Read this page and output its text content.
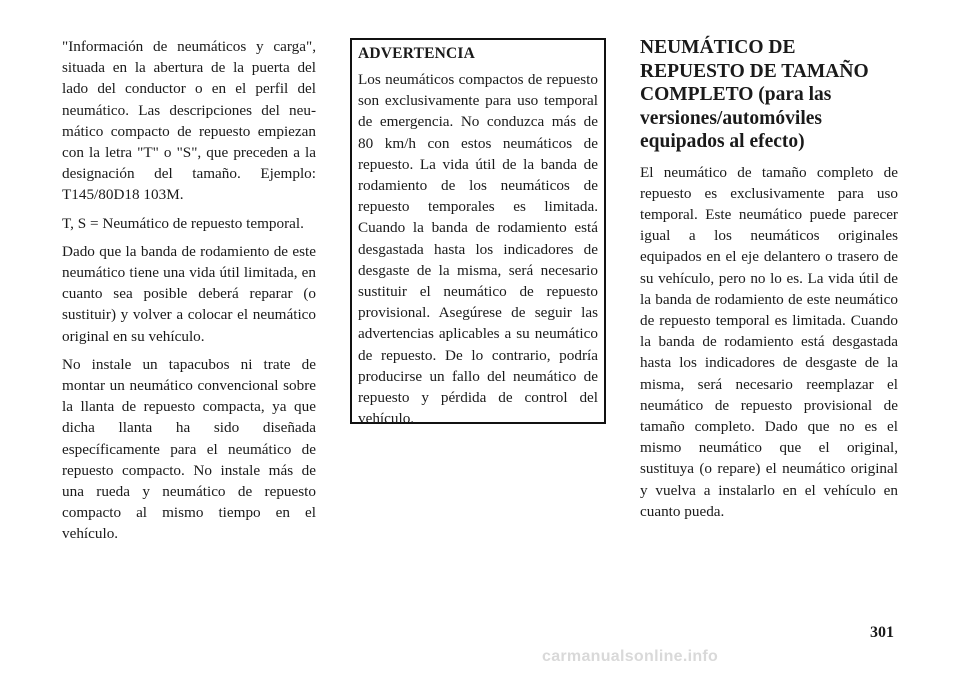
"Información de neumáticos y carga", situada en la abertura de la puerta del lado del conductor o en el perfil del neumático. Las descripciones del neumático compacto de repuesto empiezan con la letra "T" o "S", que preceden a la designación del tamaño. Ejemplo: T145/80D18 103M.

T, S = Neumático de repuesto temporal.

Dado que la banda de rodamiento de este neumático tiene una vida útil limitada, en cuanto sea posible deberá reparar (o sustituir) y volver a colocar el neumático original en su vehículo.

No instale un tapacubos ni trate de montar un neumático convencional sobre la llanta de repuesto compacta, ya que dicha llanta ha sido diseñada específicamente para el neumático de repuesto compacto. No instale más de una rueda y neumático de repuesto compacto al mismo tiempo en el vehículo.

ADVERTENCIA

Los neumáticos compactos de repuesto son exclusivamente para uso temporal de emergencia. No conduzca más de 80 km/h con estos neumáticos de repuesto. La vida útil de la banda de rodamiento de los neumáticos de repuesto temporales es limitada. Cuando la banda de rodamiento está desgastada hasta los indicadores de desgaste de la misma, será necesario sustituir el neumático de repuesto provisional. Asegúrese de seguir las advertencias aplicables a su neumático de repuesto. De lo contrario, podría producirse un fallo del neumático de repuesto y pérdida de control del vehículo.

NEUMÁTICO DE REPUESTO DE TAMAÑO COMPLETO (para las versiones/automóviles equipados al efecto)

El neumático de tamaño completo de repuesto es exclusivamente para uso temporal. Este neumático puede parecer igual a los neumáticos originales equipados en el eje delantero o trasero de su vehículo, pero no lo es. La vida útil de la banda de rodamiento de este neumático de repuesto temporal es limitada. Cuando la banda de rodamiento está desgastada hasta los indicadores de desgaste de la misma, será necesario reemplazar el neumático de repuesto provisional de tamaño completo. Dado que no es el mismo neumático que el original, sustituya (o repare) el neumático original y vuelva a instalarlo en el vehículo en cuanto pueda.

301
carmanualsonline.info
